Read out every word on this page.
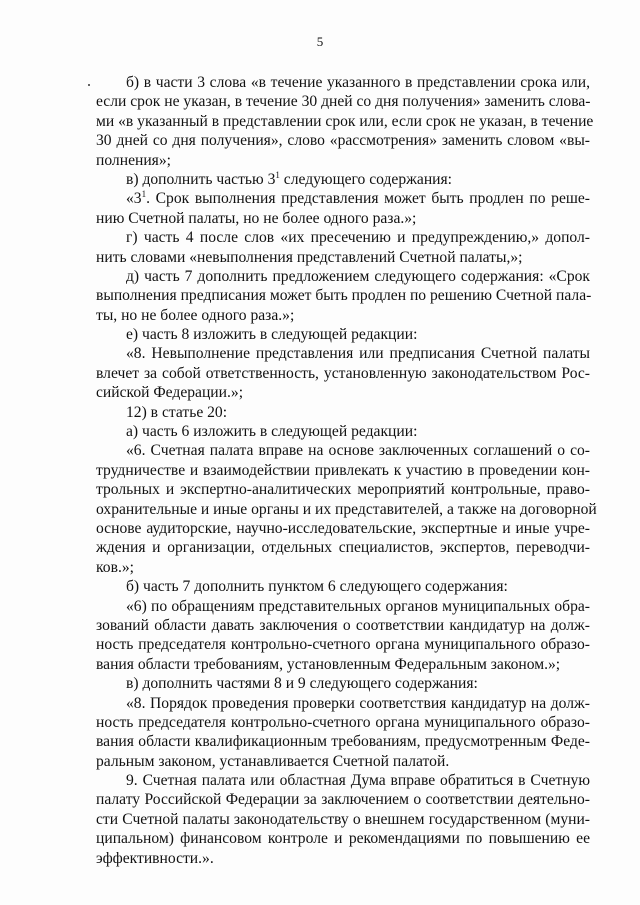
5
б) в части 3 слова «в течение указанного в представлении срока или,
если срок не указан, в течение 30 дней со дня получения» заменить слова-
ми «в указанный в представлении срок или, если срок не указан, в течение
30 дней со дня получения», слово «рассмотрения» заменить словом «вы-
полнения»;
в) дополнить частью $3^1$ следующего содержания:
«$3^1$. Срок выполнения представления может быть продлен по реше-
нию Счетной палаты, но не более одного раза.»;
г) часть 4 после слов «их пресечению и предупреждению,» допол-
нить словами «невыполнения представлений Счетной палаты,»;
д) часть 7 дополнить предложением следующего содержания: «Срок
выполнения предписания может быть продлен по решению Счетной пала-
ты, но не более одного раза.»;
е) часть 8 изложить в следующей редакции:
«8. Невыполнение представления или предписания Счетной палаты
влечет за собой ответственность, установленную законодательством Рос-
сийской Федерации.»;
12) в статье 20:
а) часть 6 изложить в следующей редакции:
«6. Счетная палата вправе на основе заключенных соглашений о со-
трудничестве и взаимодействии привлекать к участию в проведении кон-
трольных и экспертно-аналитических мероприятий контрольные, право-
охранительные и иные органы и их представителей, а также на договорной
основе аудиторские, научно-исследовательские, экспертные и иные учре-
ждения и организации, отдельных специалистов, экспертов, переводчи-
ков.»;
б) часть 7 дополнить пунктом 6 следующего содержания:
«6) по обращениям представительных органов муниципальных обра-
зований области давать заключения о соответствии кандидатур на долж-
ность председателя контрольно-счетного органа муниципального образо-
вания области требованиям, установленным Федеральным законом.»;
в) дополнить частями 8 и 9 следующего содержания:
«8. Порядок проведения проверки соответствия кандидатур на долж-
ность председателя контрольно-счетного органа муниципального образо-
вания области квалификационным требованиям, предусмотренным Феде-
ральным законом, устанавливается Счетной палатой.
9. Счетная палата или областная Дума вправе обратиться в Счетную
палату Российской Федерации за заключением о соответствии деятельно-
сти Счетной палаты законодательству о внешнем государственном (муни-
ципальном) финансовом контроле и рекомендациями по повышению ее
эффективности.».
